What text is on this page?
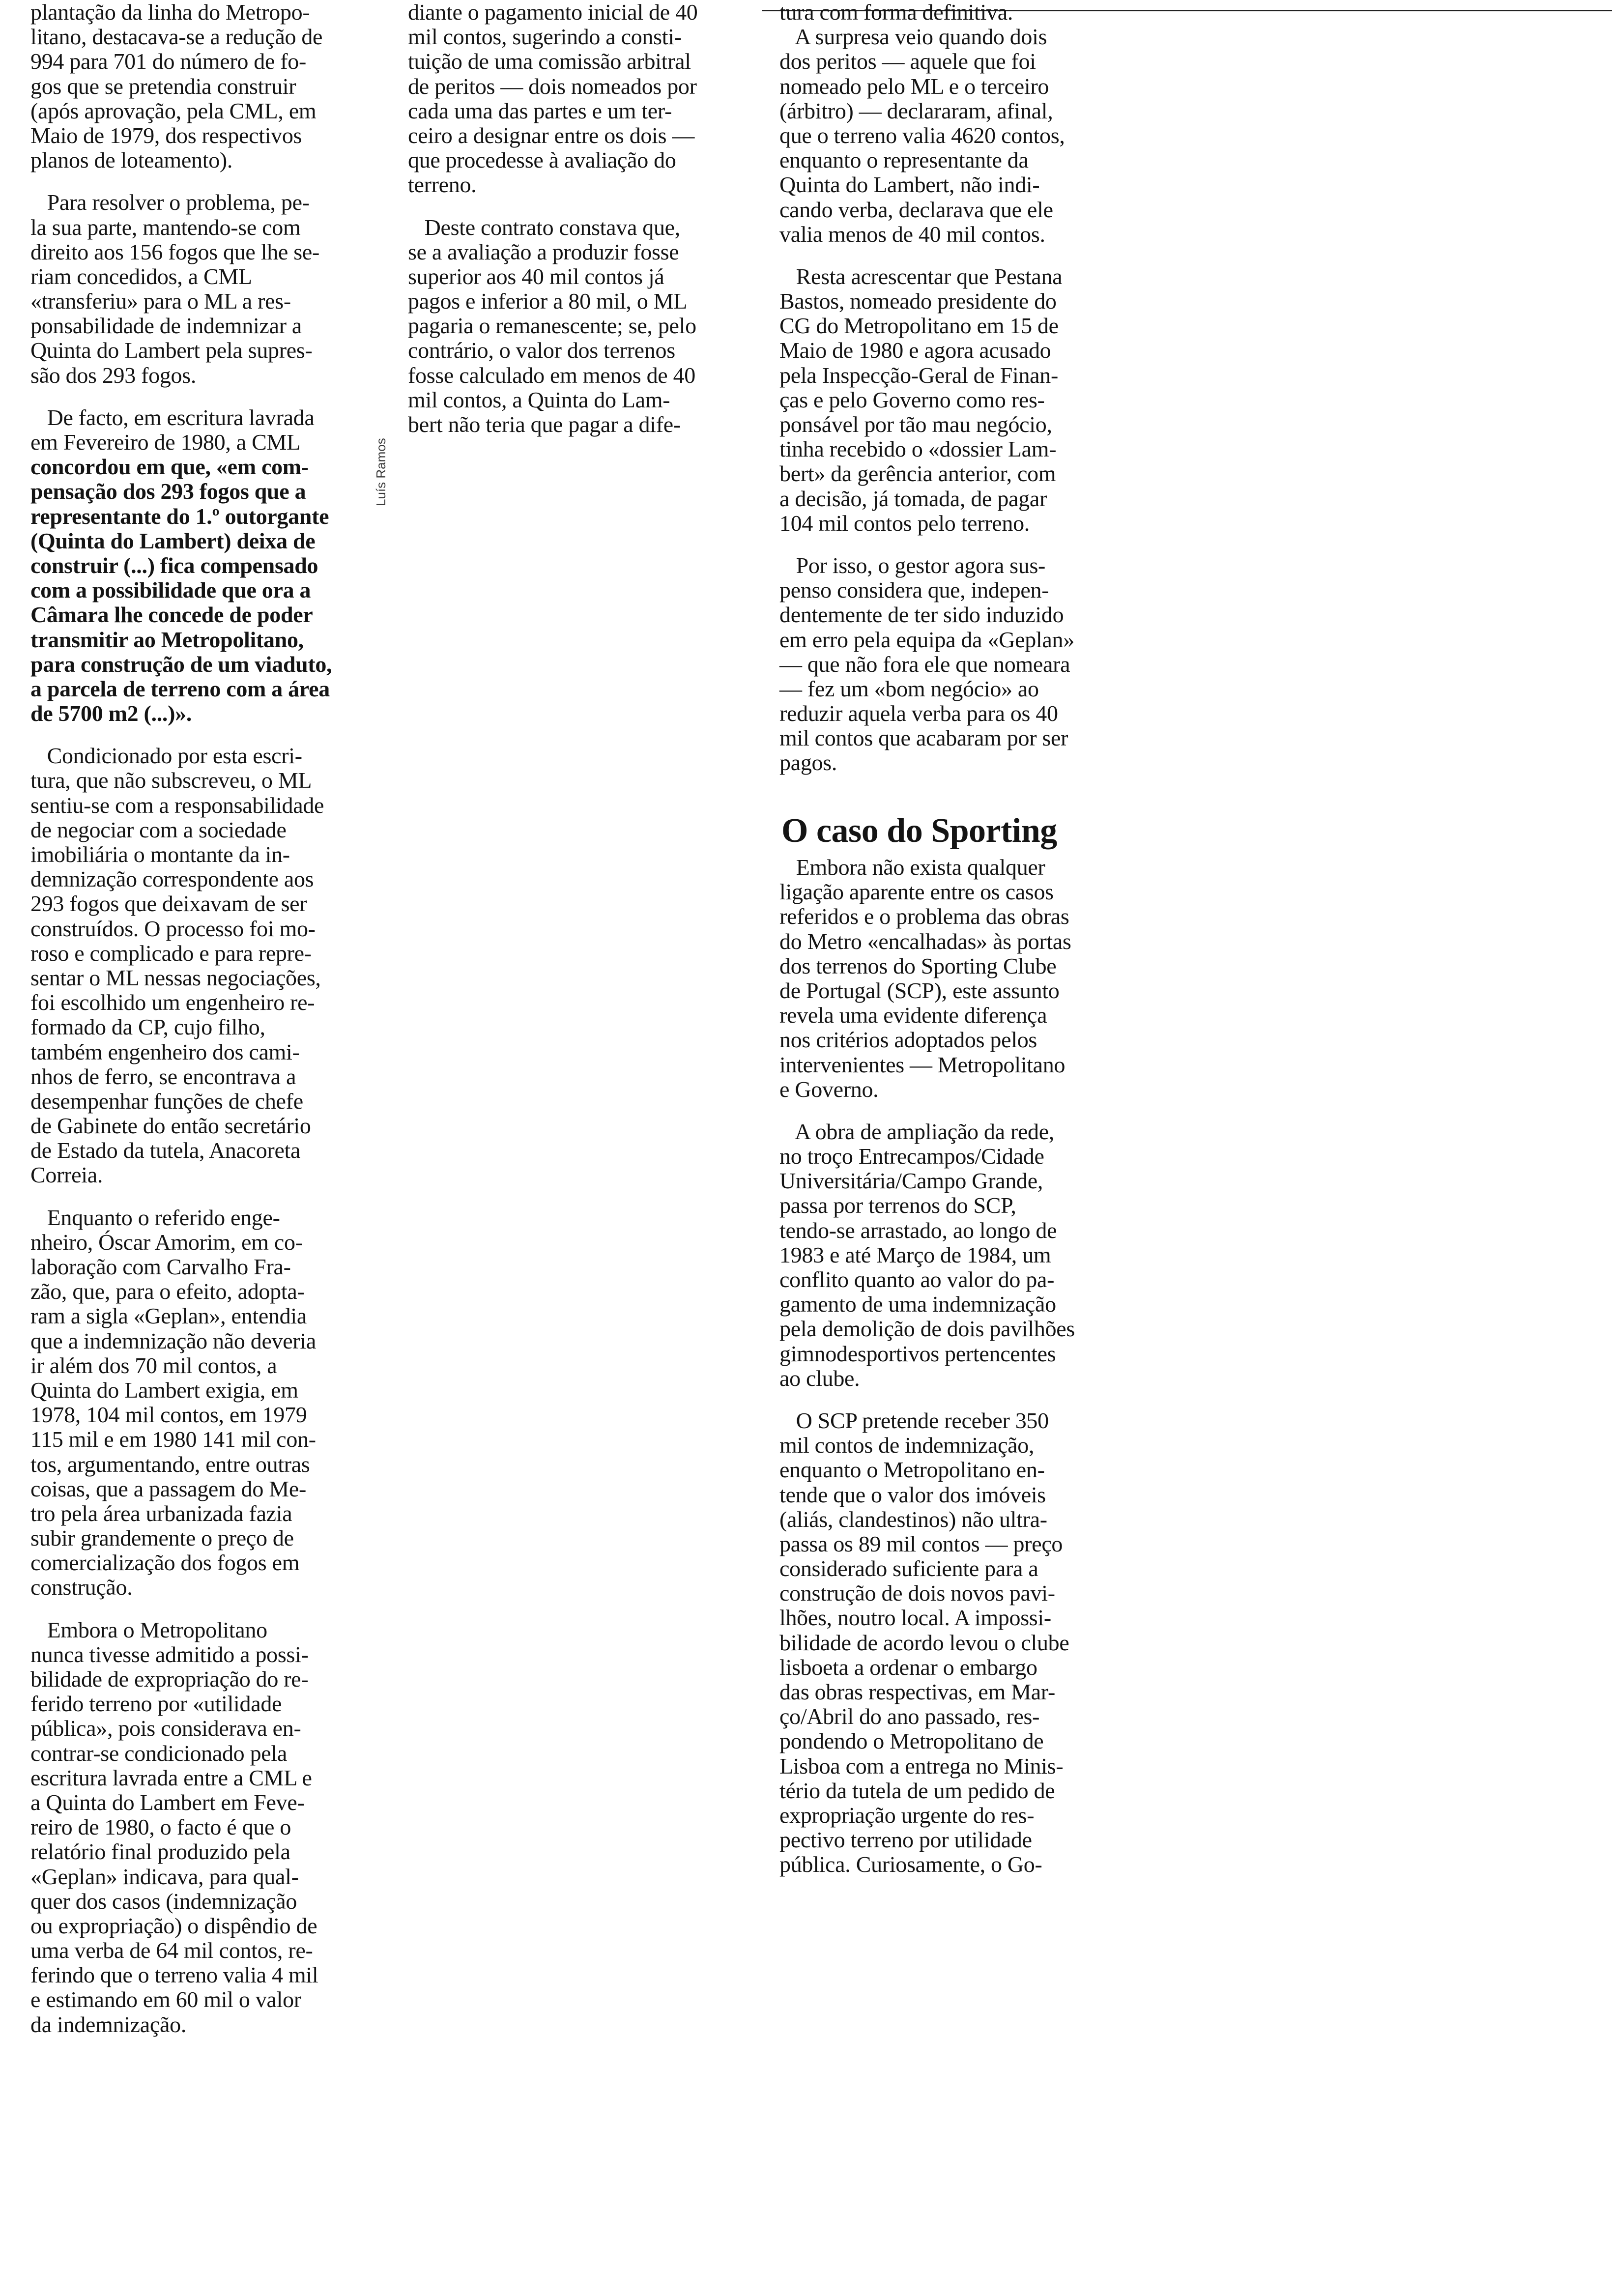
plantação da linha do Metropo-
litano, destacava-se a redução de
994 para 701 do número de fo-
gos que se pretendia construir
(após aprovação, pela CML, em
Maio de 1979, dos respectivos
planos de loteamento).
Para resolver o problema, pe-
la sua parte, mantendo-se com
direito aos 156 fogos que lhe se-
riam concedidos, a CML
«transferiu» para o ML a res-
ponsabilidade de indemnizar a
Quinta do Lambert pela supres-
são dos 293 fogos.
De facto, em escritura lavrada
em Fevereiro de 1980, a CML
concordou em que, «em com-
pensação dos 293 fogos que a
representante do 1.º outorgante
(Quinta do Lambert) deixa de
construir (...) fica compensado
com a possibilidade que ora a
Câmara lhe concede de poder
transmitir ao Metropolitano,
para construção de um viaduto,
a parcela de terreno com a área
de 5700 m2 (...)».
Condicionado por esta escri-
tura, que não subscreveu, o ML
sentiu-se com a responsabilidade
de negociar com a sociedade
imobiliária o montante da in-
demnização correspondente aos
293 fogos que deixavam de ser
construídos. O processo foi mo-
roso e complicado e para repre-
sentar o ML nessas negociações,
foi escolhido um engenheiro re-
formado da CP, cujo filho,
também engenheiro dos cami-
nhos de ferro, se encontrava a
desempenhar funções de chefe
de Gabinete do então secretário
de Estado da tutela, Anacoreta
Correia.
Enquanto o referido enge-
nheiro, Óscar Amorim, em co-
laboração com Carvalho Fra-
zão, que, para o efeito, adopta-
ram a sigla «Geplan», entendia
que a indemnização não deveria
ir além dos 70 mil contos, a
Quinta do Lambert exigia, em
1978, 104 mil contos, em 1979
115 mil e em 1980 141 mil con-
tos, argumentando, entre outras
coisas, que a passagem do Me-
tro pela área urbanizada fazia
subir grandemente o preço de
comercialização dos fogos em
construção.
Embora o Metropolitano
nunca tivesse admitido a possi-
bilidade de expropriação do re-
ferido terreno por «utilidade
pública», pois considerava en-
contrar-se condicionado pela
escritura lavrada entre a CML e
a Quinta do Lambert em Feve-
reiro de 1980, o facto é que o
relatório final produzido pela
«Geplan» indicava, para qual-
quer dos casos (indemnização
ou expropriação) o dispêndio de
uma verba de 64 mil contos, re-
ferindo que o terreno valia 4 mil
e estimando em 60 mil o valor
da indemnização.
diante o pagamento inicial de 40
mil contos, sugerindo a consti-
tuição de uma comissão arbitral
de peritos — dois nomeados por
cada uma das partes e um ter-
ceiro a designar entre os dois —
que procedesse à avaliação do
terreno.
Deste contrato constava que,
se a avaliação a produzir fosse
superior aos 40 mil contos já
pagos e inferior a 80 mil, o ML
pagaria o remanescente; se, pelo
contrário, o valor dos terrenos
fosse calculado em menos de 40
mil contos, a Quinta do Lam-
bert não teria que pagar a dife-
tura com forma definitiva.
A surpresa veio quando dois
dos peritos — aquele que foi
nomeado pelo ML e o terceiro
(árbitro) — declararam, afinal,
que o terreno valia 4620 contos,
enquanto o representante da
Quinta do Lambert, não indi-
cando verba, declarava que ele
valia menos de 40 mil contos.
Resta acrescentar que Pestana
Bastos, nomeado presidente do
CG do Metropolitano em 15 de
Maio de 1980 e agora acusado
pela Inspecção-Geral de Finan-
ças e pelo Governo como res-
ponsável por tão mau negócio,
tinha recebido o «dossier Lam-
bert» da gerência anterior, com
a decisão, já tomada, de pagar
104 mil contos pelo terreno.
Por isso, o gestor agora sus-
penso considera que, indepen-
dentemente de ter sido induzido
em erro pela equipa da «Geplan»
— que não fora ele que nomeara
— fez um «bom negócio» ao
reduzir aquela verba para os 40
mil contos que acabaram por ser
pagos.
O caso do Sporting
Embora não exista qualquer
ligação aparente entre os casos
referidos e o problema das obras
do Metro «encalhadas» às portas
dos terrenos do Sporting Clube
de Portugal (SCP), este assunto
revela uma evidente diferença
nos critérios adoptados pelos
intervenientes — Metropolitano
e Governo.
A obra de ampliação da rede,
no troço Entrecampos/Cidade
Universitária/Campo Grande,
passa por terrenos do SCP,
tendo-se arrastado, ao longo de
1983 e até Março de 1984, um
conflito quanto ao valor do pa-
gamento de uma indemnização
pela demolição de dois pavilhões
gimnodesportivos pertencentes
ao clube.
O SCP pretende receber 350
mil contos de indemnização,
enquanto o Metropolitano en-
tende que o valor dos imóveis
(aliás, clandestinos) não ultra-
passa os 89 mil contos — preço
considerado suficiente para a
construção de dois novos pavi-
lhões, noutro local. A impossi-
bilidade de acordo levou o clube
lisboeta a ordenar o embargo
das obras respectivas, em Mar-
ço/Abril do ano passado, res-
pondendo o Metropolitano de
Lisboa com a entrega no Minis-
tério da tutela de um pedido de
expropriação urgente do res-
pectivo terreno por utilidade
pública. Curiosamente, o Go-
Luís Ramos
